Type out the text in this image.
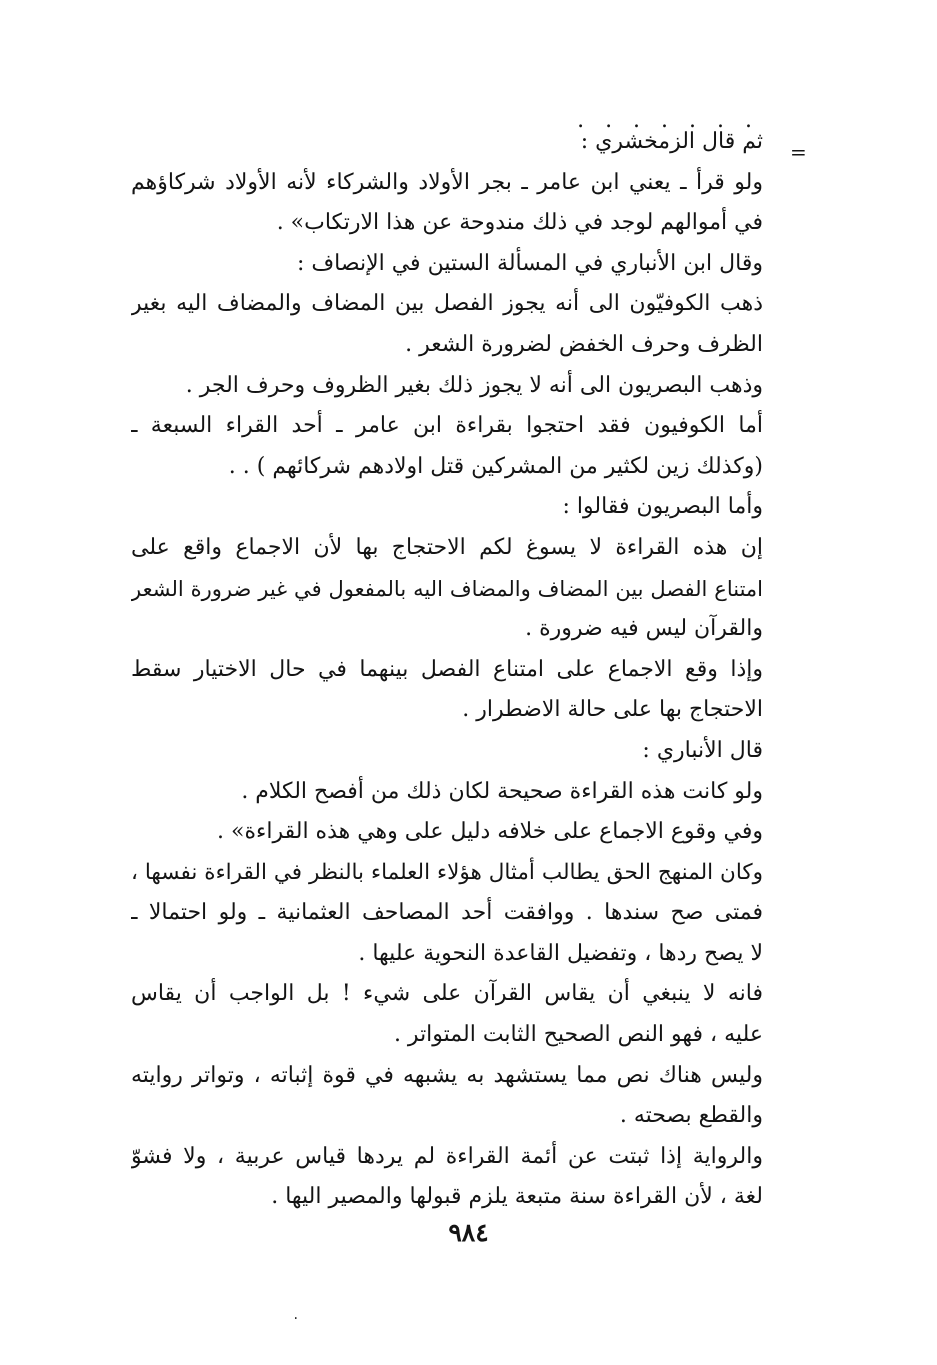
. . . . . . .
=
ثم قال الزمخشري :
ولو قرأ ـ يعني ابن عامر ـ بجر الأولاد والشركاء لأنه الأولاد شركاؤهم
في أموالهم لوجد في ذلك مندوحة عن هذا الارتكاب» .
وقال ابن الأنباري في المسألة الستين في الإنصاف :
ذهب الكوفيّون الى أنه يجوز الفصل بين المضاف والمضاف اليه بغير
الظرف وحرف الخفض لضرورة الشعر .
وذهب البصريون الى أنه لا يجوز ذلك بغير الظروف وحرف الجر .
أما الكوفيون فقد احتجوا بقراءة ابن عامر ـ أحد القراء السبعة ـ
(وكذلك زين لكثير من المشركين قتل اولادهم شركائهم ) . .
وأما البصريون فقالوا :
إن هذه القراءة لا يسوغ لكم الاحتجاج بها لأن الاجماع واقع على
امتناع الفصل بين المضاف والمضاف اليه بالمفعول في غير ضرورة الشعر
والقرآن ليس فيه ضرورة .
وإذا وقع الاجماع على امتناع الفصل بينهما في حال الاختيار سقط
الاحتجاج بها على حالة الاضطرار .
قال الأنباري :
ولو كانت هذه القراءة صحيحة لكان ذلك من أفصح الكلام .
وفي وقوع الاجماع على خلافه دليل على وهي هذه القراءة» .
وكان المنهج الحق يطالب أمثال هؤلاء العلماء بالنظر في القراءة نفسها ،
فمتى صح سندها . ووافقت أحد المصاحف العثمانية ـ ولو احتمالا ـ
لا يصح ردها ، وتفضيل القاعدة النحوية عليها .
فانه لا ينبغي أن يقاس القرآن على شيء ! بل الواجب أن يقاس
عليه ، فهو النص الصحيح الثابت المتواتر .
وليس هناك نص مما يستشهد به يشبهه في قوة إثباته ، وتواتر روايته
والقطع بصحته .
والرواية إذا ثبتت عن أئمة القراءة لم يردها قياس عربية ، ولا فشوّ
لغة ، لأن القراءة سنة متبعة يلزم قبولها والمصير اليها .
٩٨٤
٠
